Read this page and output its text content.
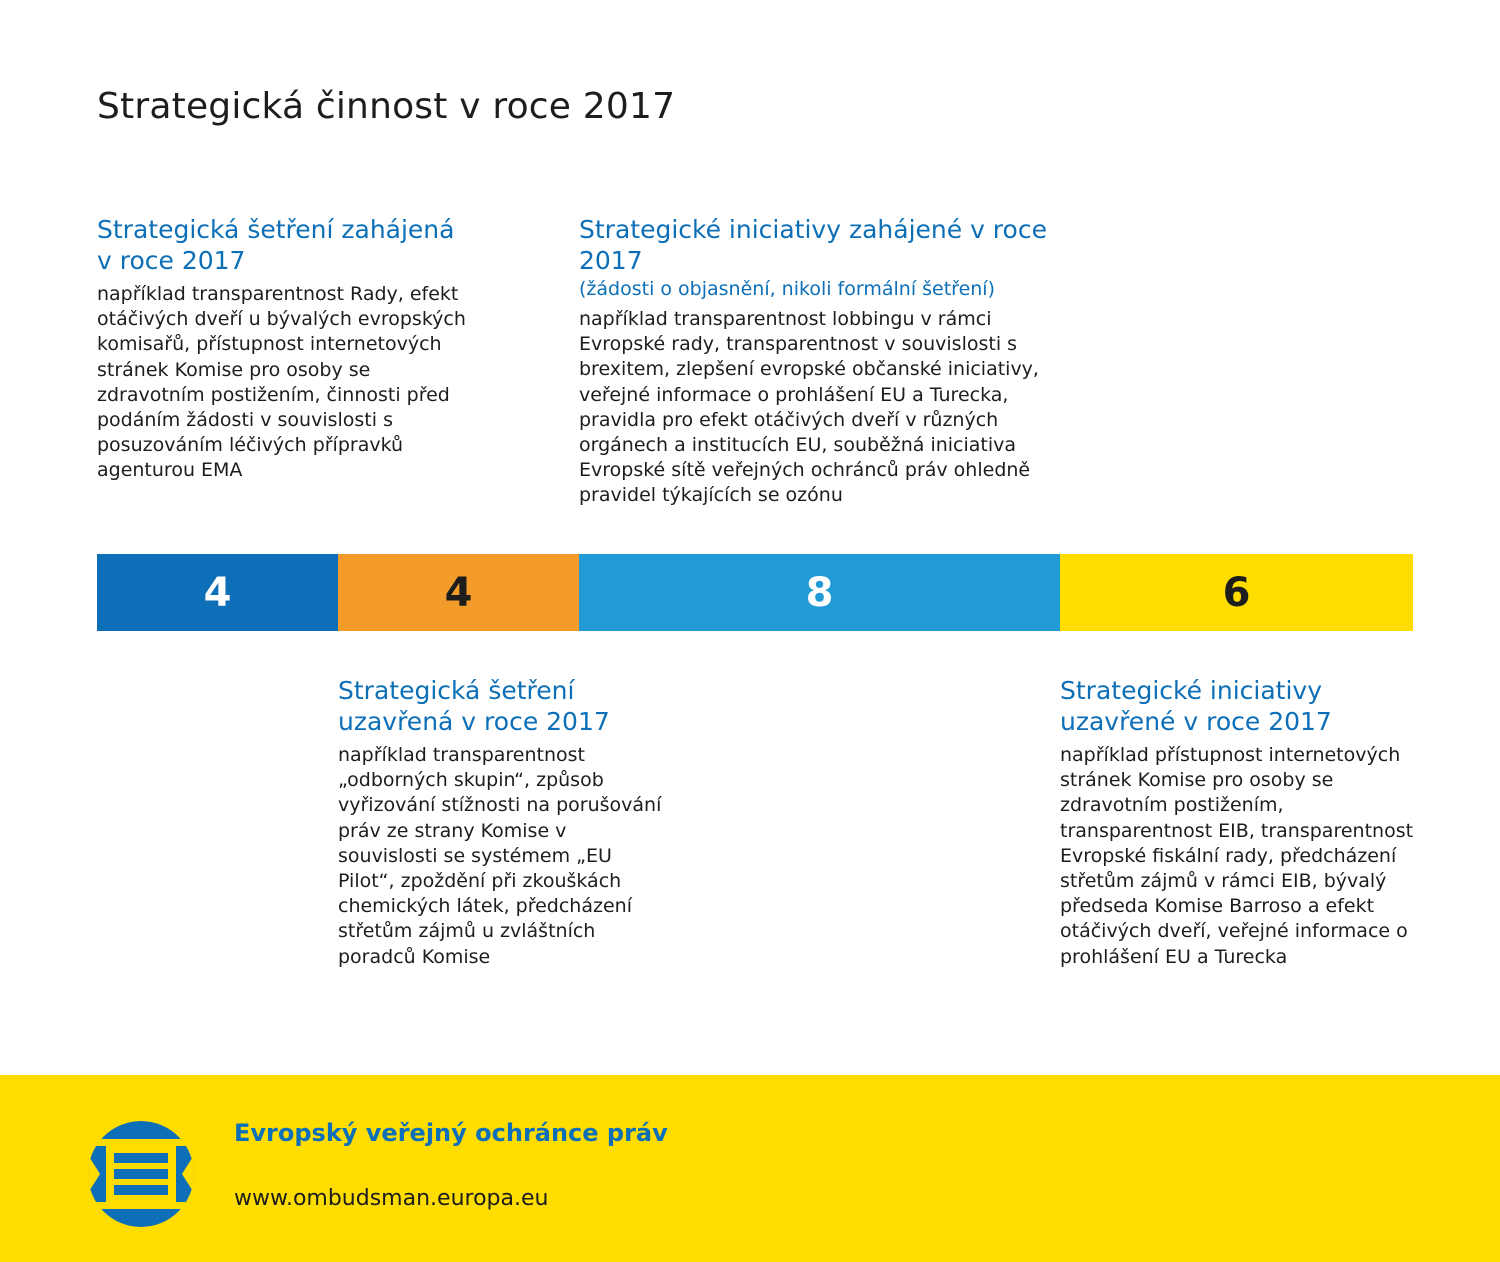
Strategická činnost v roce 2017
Strategická šetření zahájená v roce 2017

například transparentnost Rady, efekt otáčivých dveří u bývalých evropských komisařů, přístupnost internetových stránek Komise pro osoby se zdravotním postižením, činnosti před podáním žádosti v souvislosti s posuzováním léčivých přípravků agenturou EMA

Strategické iniciativy zahájené v roce 2017
(žádosti o objasnění, nikoli formální šetření)

například transparentnost lobbingu v rámci Evropské rady, transparentnost v souvislosti s brexitem, zlepšení evropské občanské iniciativy, veřejné informace o prohlášení EU a Turecka, pravidla pro efekt otáčivých dveří v různých orgánech a institucích EU, souběžná iniciativa Evropské sítě veřejných ochránců práv ohledně pravidel týkajících se ozónu

4	4	8	6
Strategická šetření uzavřená v roce 2017

například transparentnost „odborných skupin“, způsob vyřizování stížnosti na porušování práv ze strany Komise v souvislosti se systémem „EU Pilot“, zpoždění při zkouškách chemických látek, předcházení střetům zájmů u zvláštních poradců Komise

Strategické iniciativy uzavřené v roce 2017

například přístupnost internetových stránek Komise pro osoby se zdravotním postižením, transparentnost EIB, transparentnost Evropské fiskální rady, předcházení střetům zájmů v rámci EIB, bývalý předseda Komise Barroso a efekt otáčivých dveří, veřejné informace o prohlášení EU a Turecka

Evropský veřejný ochránce práv
www.ombudsman.europa.eu
